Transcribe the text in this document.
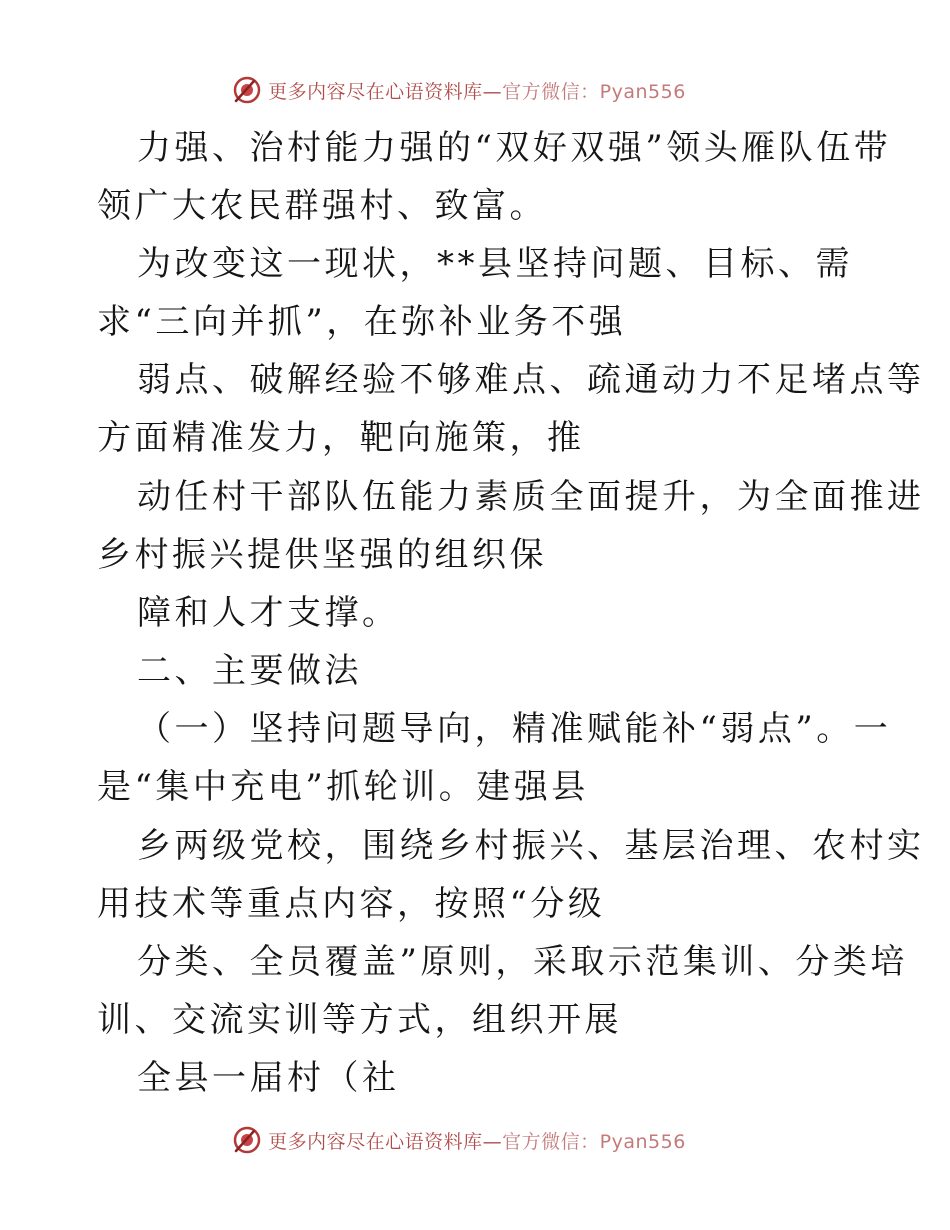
更多内容尽在心语资料库—官方微信：Pyan556
力强、治村能力强的“双好双强”领头雁队伍带
领广大农民群强村、致富。
为改变这一现状，**县坚持问题、目标、需
求“三向并抓”，在弥补业务不强
弱点、破解经验不够难点、疏通动力不足堵点等
方面精准发力，靶向施策，推
动任村干部队伍能力素质全面提升，为全面推进
乡村振兴提供坚强的组织保
障和人才支撑。
二、主要做法
（一）坚持问题导向，精准赋能补“弱点”。一
是“集中充电”抓轮训。建强县
乡两级党校，围绕乡村振兴、基层治理、农村实
用技术等重点内容，按照“分级
分类、全员覆盖”原则，采取示范集训、分类培
训、交流实训等方式，组织开展
全县一届村（社
更多内容尽在心语资料库—官方微信：Pyan556
